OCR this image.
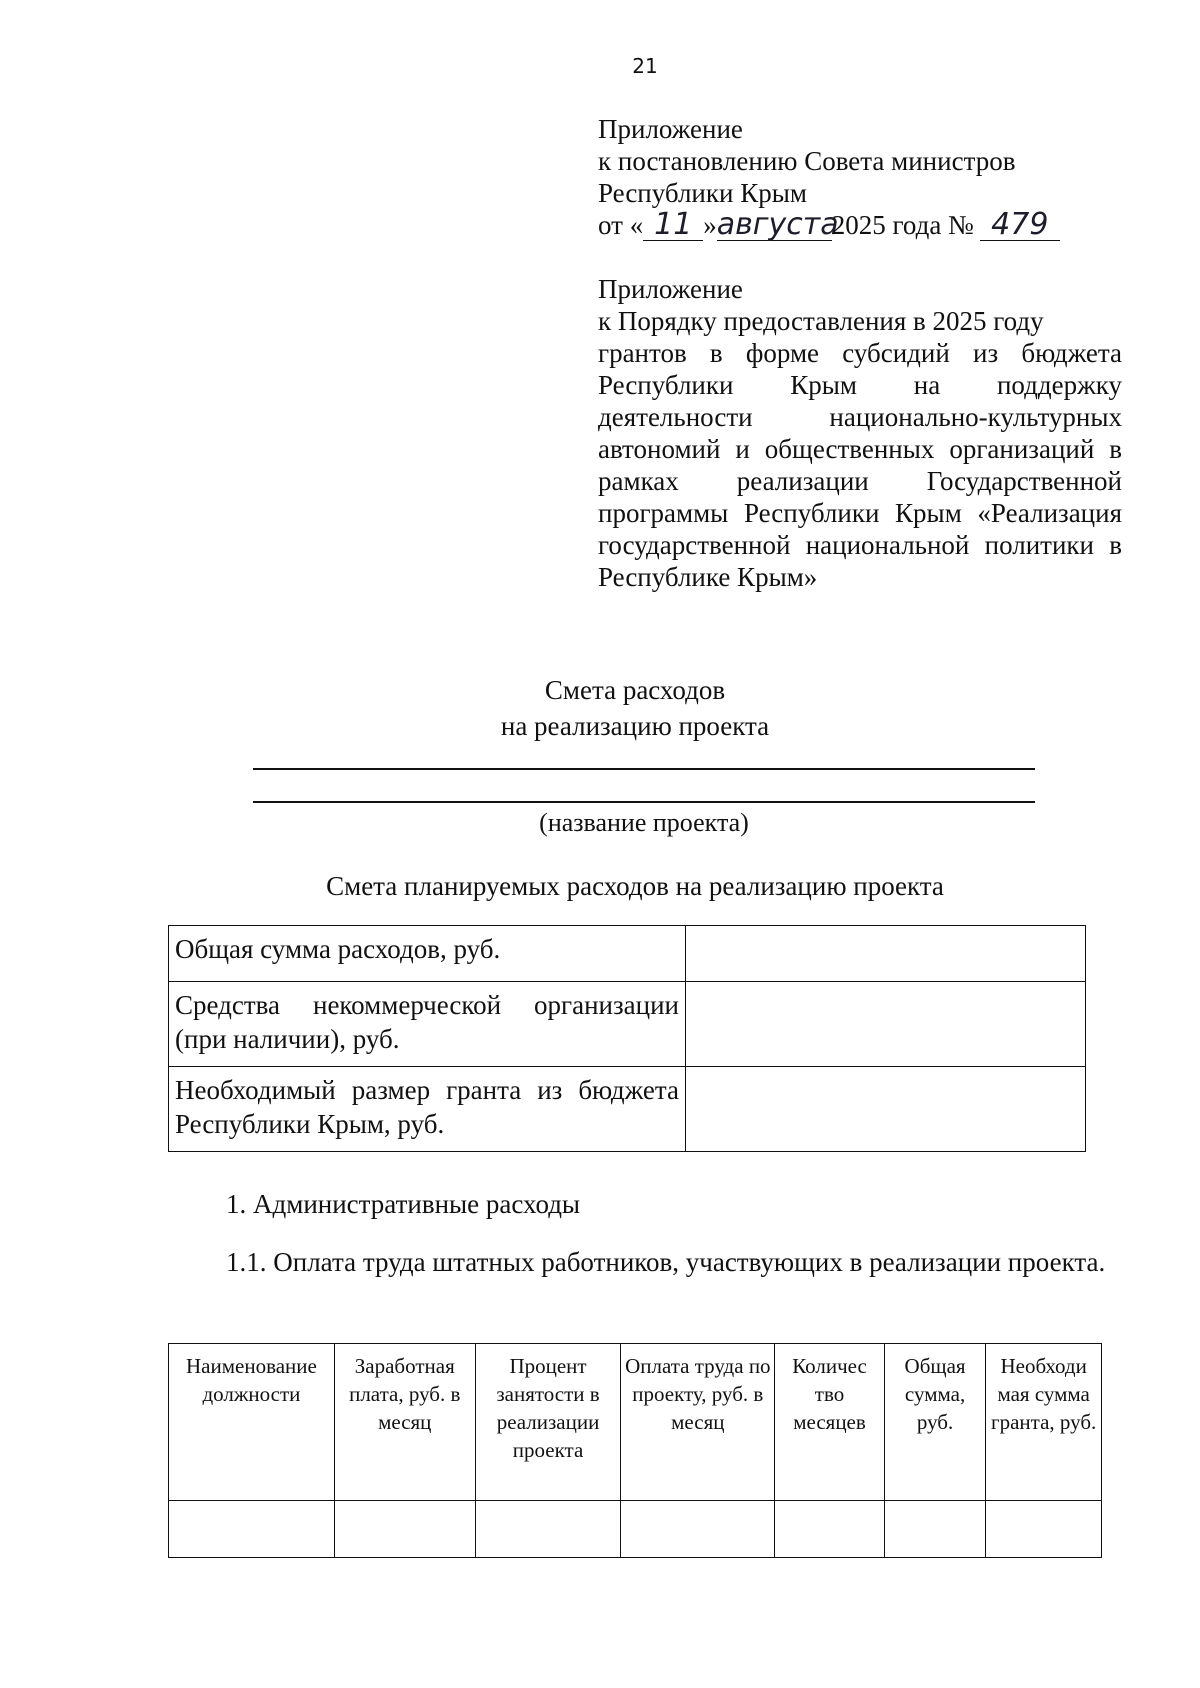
21
Приложение
к постановлению Совета министров
Республики Крым
от « 11 » августа
2025 года № 479
Приложение
к Порядку предоставления в 2025 году
грантов в форме субсидий из бюджета
Республики Крым на поддержку
деятельности национально-культурных
автономий и общественных организаций в
рамках реализации Государственной
программы Республики Крым «Реализация
государственной национальной политики в
Республике Крым»
Смета расходов
на реализацию проекта
(название проекта)
Смета планируемых расходов на реализацию проекта
Общая сумма расходов, руб.	
Средства некоммерческой организации (при наличии), руб.	
Необходимый размер гранта из бюджета Республики Крым, руб.	
1. Административные расходы
1.1. Оплата труда штатных работников, участвующих в реализации проекта.
Наименование должности	Заработная плата, руб. в месяц	Процент занятости в реализации проекта	Оплата труда по проекту, руб. в месяц	Количес тво месяцев	Общая сумма, руб.	Необходи мая сумма гранта, руб.
